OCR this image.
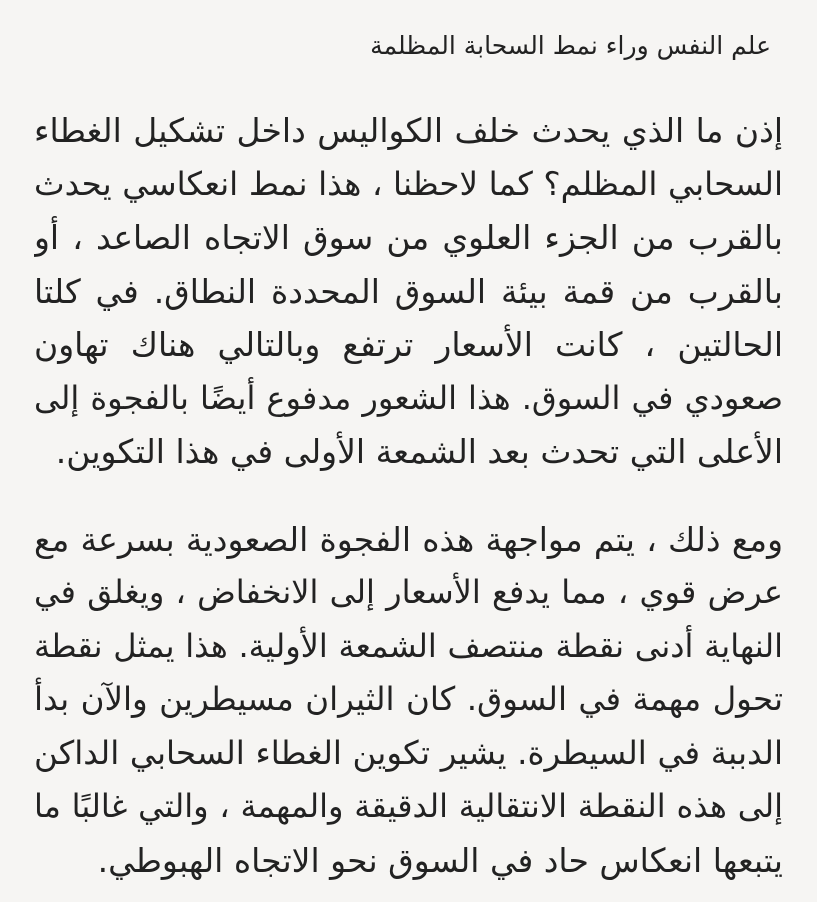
علم النفس وراء نمط السحابة المظلمة
إذن ما الذي يحدث خلف الكواليس داخل تشكيل الغطاء
السحابي المظلم؟ كما لاحظنا ، هذا نمط انعكاسي يحدث
بالقرب من الجزء العلوي من سوق الاتجاه الصاعد ، أو
بالقرب من قمة بيئة السوق المحددة النطاق. في كلتا
الحالتين ، كانت الأسعار ترتفع وبالتالي هناك تهاون
صعودي في السوق. هذا الشعور مدفوع أيضًا بالفجوة إلى
الأعلى التي تحدث بعد الشمعة الأولى في هذا التكوين.
ومع ذلك ، يتم مواجهة هذه الفجوة الصعودية بسرعة مع
عرض قوي ، مما يدفع الأسعار إلى الانخفاض ، ويغلق في
النهاية أدنى نقطة منتصف الشمعة الأولية. هذا يمثل نقطة
تحول مهمة في السوق. كان الثيران مسيطرين والآن بدأ
الدببة في السيطرة. يشير تكوين الغطاء السحابي الداكن
إلى هذه النقطة الانتقالية الدقيقة والمهمة ، والتي غالبًا ما
يتبعها انعكاس حاد في السوق نحو الاتجاه الهبوطي.
